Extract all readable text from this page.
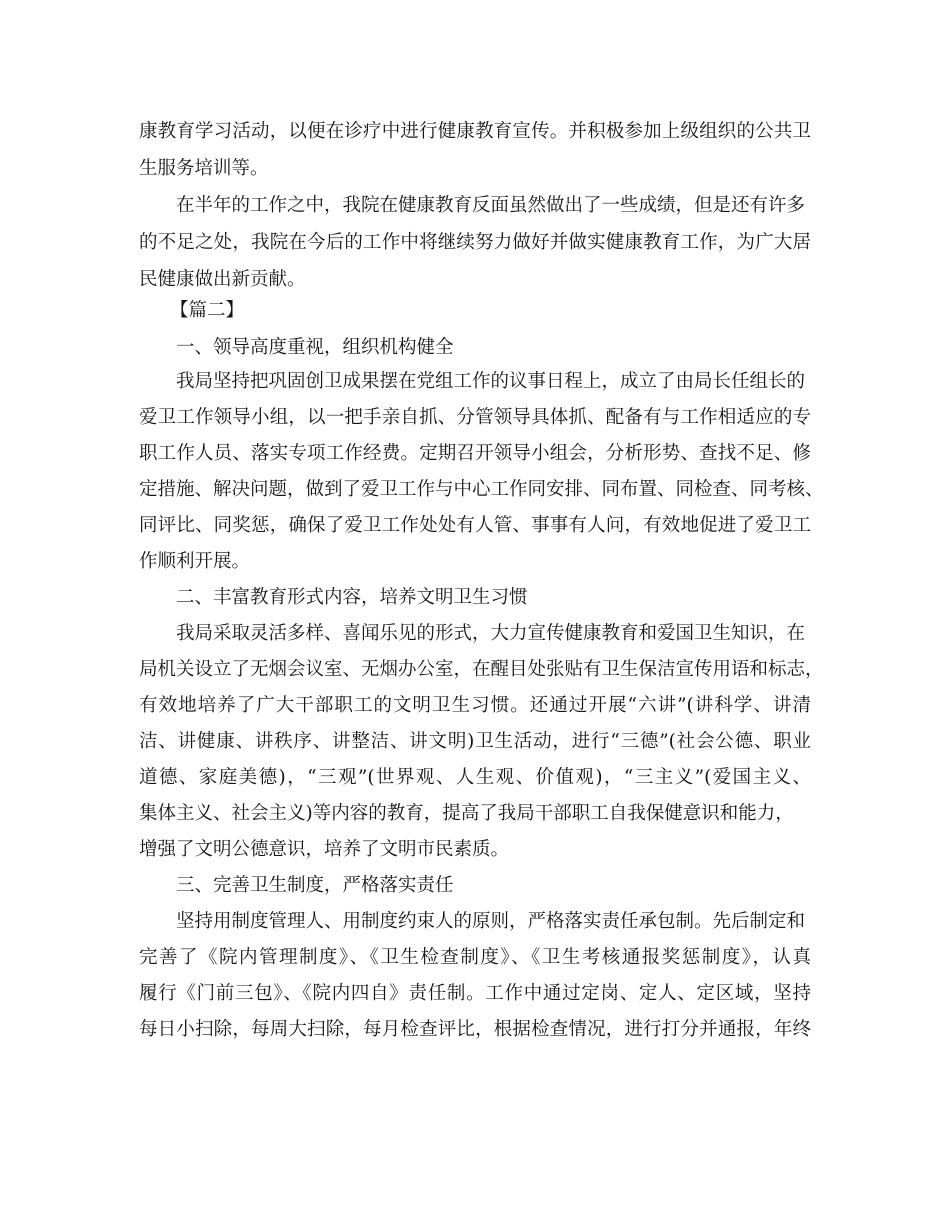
康教育学习活动，以便在诊疗中进行健康教育宣传。并积极参加上级组织的公共卫
生服务培训等。
在半年的工作之中，我院在健康教育反面虽然做出了一些成绩，但是还有许多
的不足之处，我院在今后的工作中将继续努力做好并做实健康教育工作，为广大居
民健康做出新贡献。
【篇二】
一、领导高度重视，组织机构健全
我局坚持把巩固创卫成果摆在党组工作的议事日程上，成立了由局长任组长的
爱卫工作领导小组，以一把手亲自抓、分管领导具体抓、配备有与工作相适应的专
职工作人员、落实专项工作经费。定期召开领导小组会，分析形势、查找不足、修
定措施、解决问题，做到了爱卫工作与中心工作同安排、同布置、同检查、同考核、
同评比、同奖惩，确保了爱卫工作处处有人管、事事有人问，有效地促进了爱卫工
作顺利开展。
二、丰富教育形式内容，培养文明卫生习惯
我局采取灵活多样、喜闻乐见的形式，大力宣传健康教育和爱国卫生知识，在
局机关设立了无烟会议室、无烟办公室，在醒目处张贴有卫生保洁宣传用语和标志，
有效地培养了广大干部职工的文明卫生习惯。还通过开展“六讲”(讲科学、讲清
洁、讲健康、讲秩序、讲整洁、讲文明)卫生活动，进行“三德”(社会公德、职业
道德、家庭美德)，“三观”(世界观、人生观、价值观)，“三主义”(爱国主义、
集体主义、社会主义)等内容的教育，提高了我局干部职工自我保健意识和能力，
增强了文明公德意识，培养了文明市民素质。
三、完善卫生制度，严格落实责任
坚持用制度管理人、用制度约束人的原则，严格落实责任承包制。先后制定和
完善了《院内管理制度》、《卫生检查制度》、《卫生考核通报奖惩制度》，认真
履行《门前三包》、《院内四自》责任制。工作中通过定岗、定人、定区域，坚持
每日小扫除，每周大扫除，每月检查评比，根据检查情况，进行打分并通报，年终
